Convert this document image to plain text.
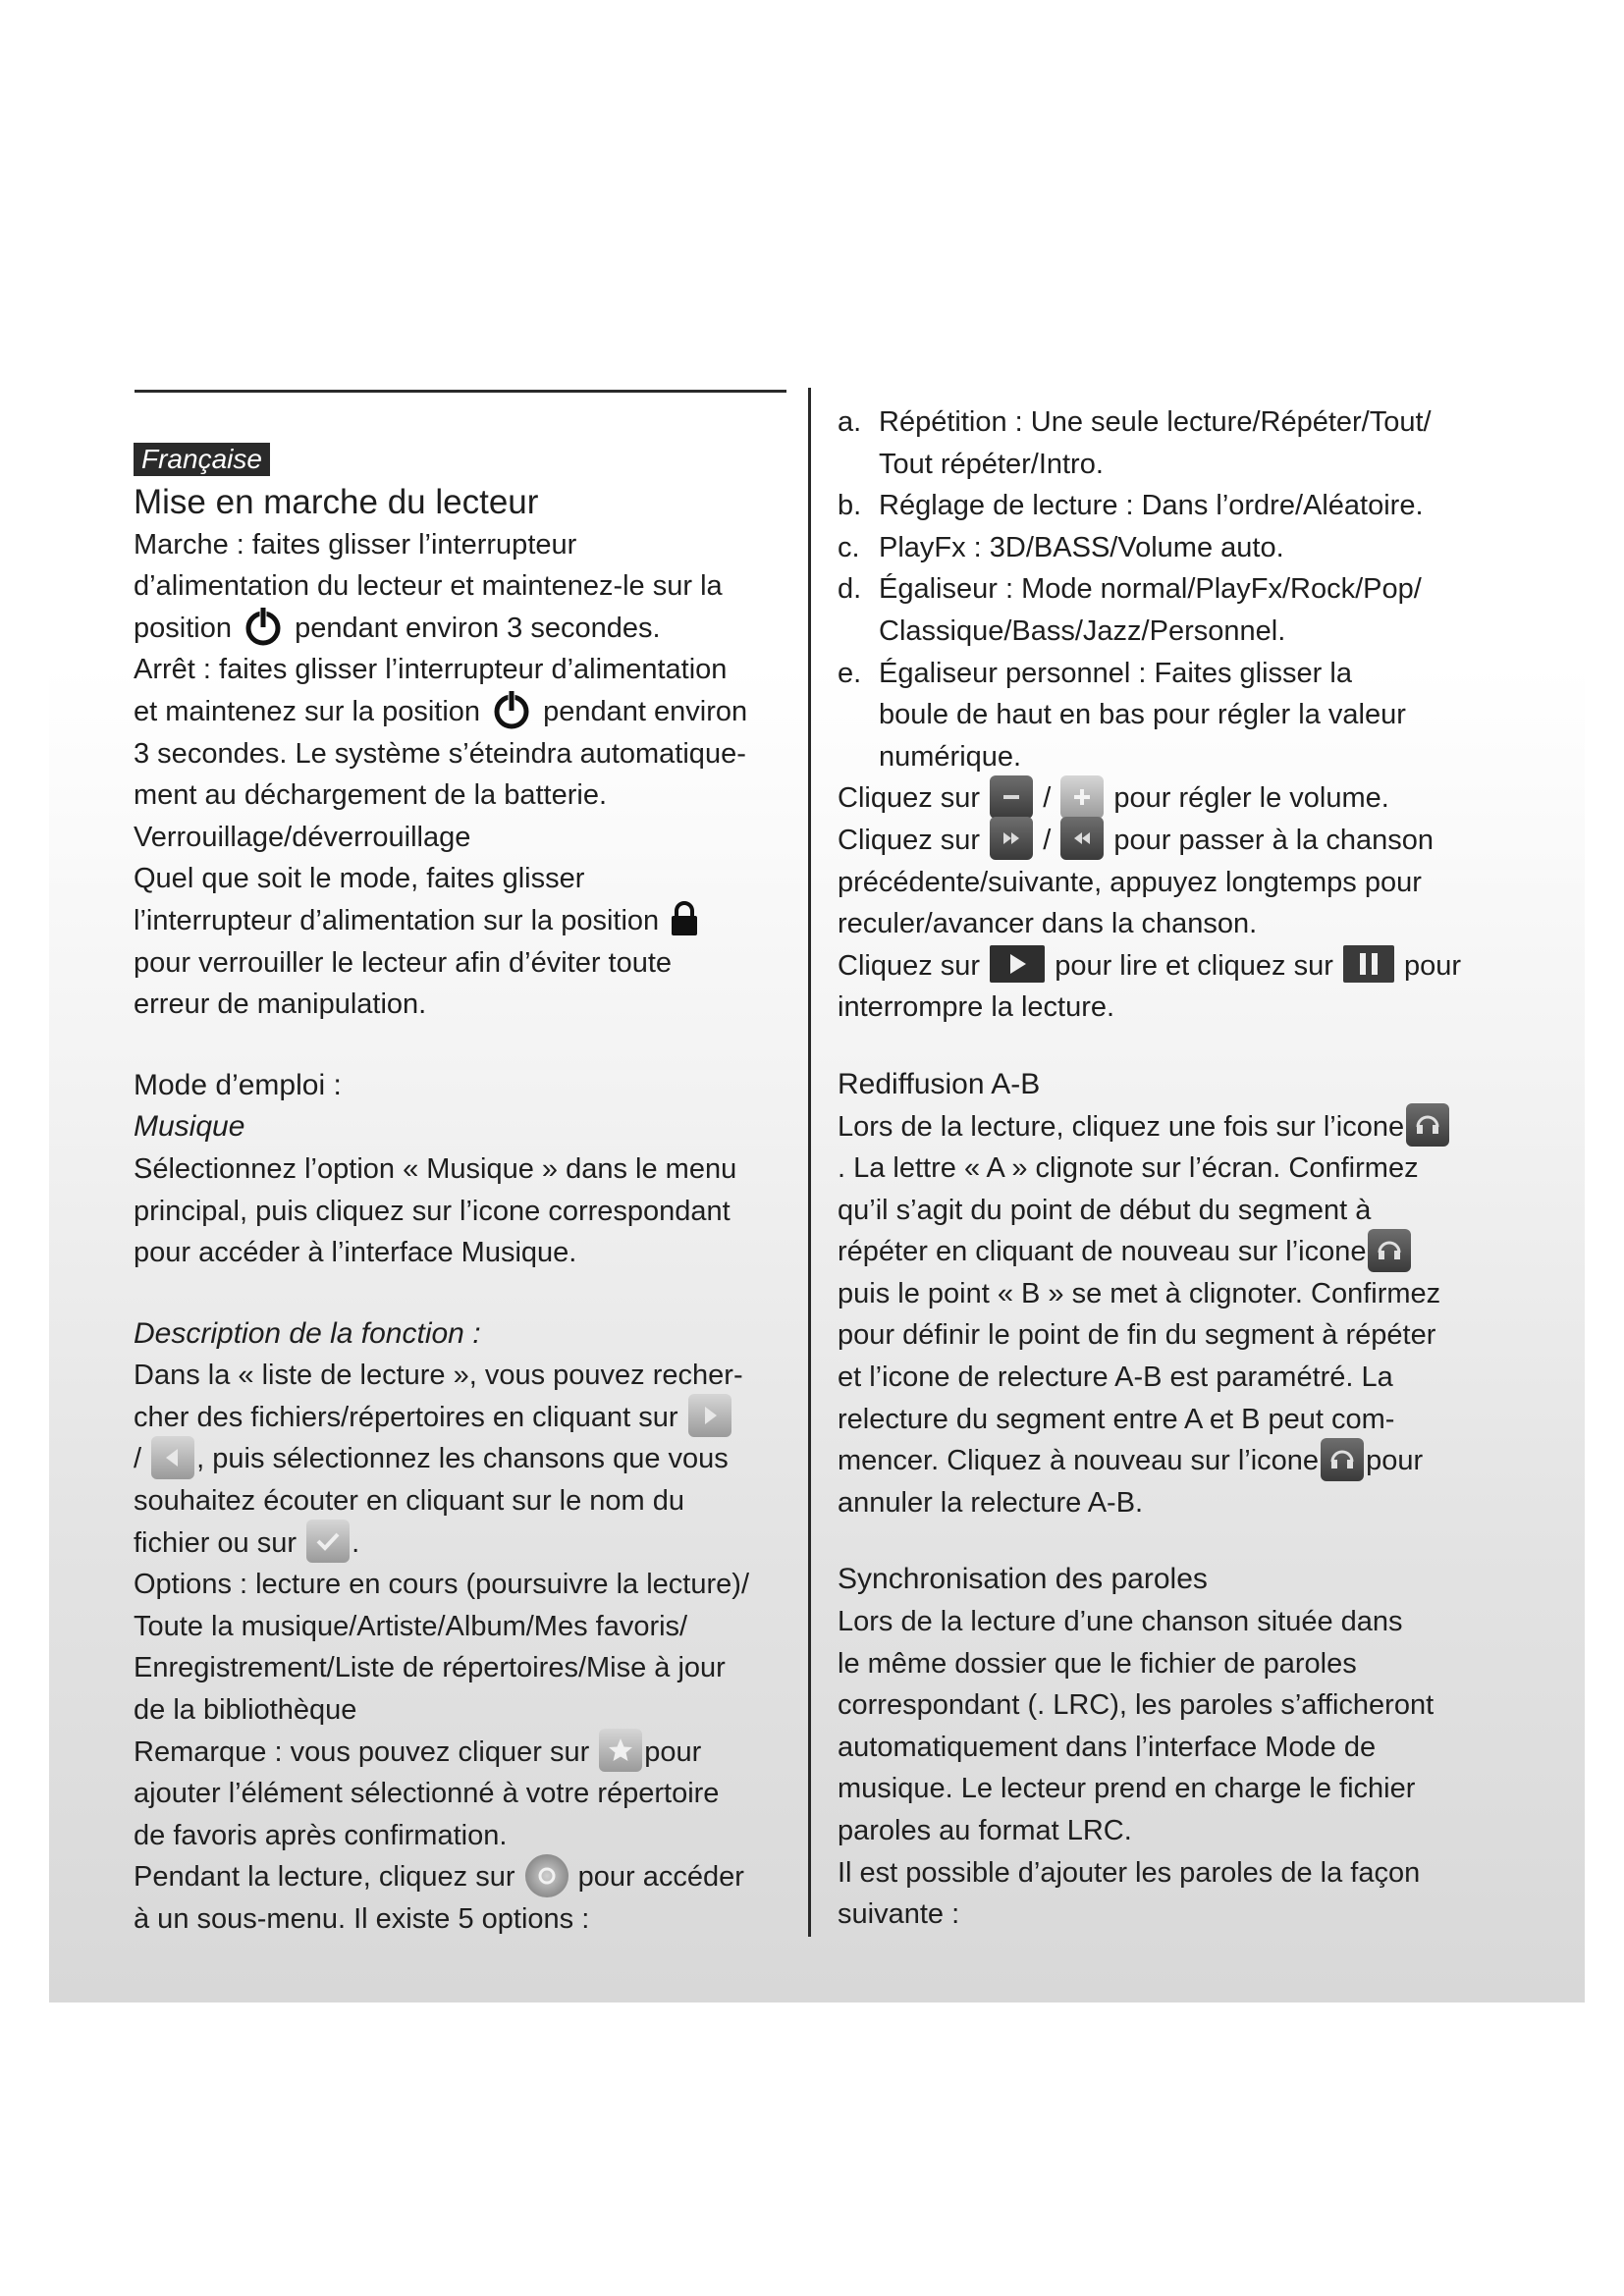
Française

Mise en marche du lecteur

Marche : faites glisser l’interrupteur

d’alimentation du lecteur et maintenez-le sur la

position pendant environ 3 secondes.

Arrêt : faites glisser l’interrupteur d’alimentation

et maintenez sur la position pendant environ

3 secondes. Le système s’éteindra automatique-

ment au déchargement de la batterie.

Verrouillage/déverrouillage

Quel que soit le mode, faites glisser

l’interrupteur d’alimentation sur la position

pour verrouiller le lecteur afin d’éviter toute

erreur de manipulation.

Mode d’emploi :

Musique

Sélectionnez l’option « Musique » dans le menu

principal, puis cliquez sur l’icone correspondant

pour accéder à l’interface Musique.

Description de la fonction :

Dans la « liste de lecture », vous pouvez recher-

cher des fichiers/répertoires en cliquant sur

/ , puis sélectionnez les chansons que vous

souhaitez écouter en cliquant sur le nom du

fichier ou sur .

Options : lecture en cours (poursuivre la lecture)/

Toute la musique/Artiste/Album/Mes favoris/

Enregistrement/Liste de répertoires/Mise à jour

de la bibliothèque

Remarque : vous pouvez cliquer sur pour

ajouter l’élément sélectionné à votre répertoire

de favoris après confirmation.

Pendant la lecture, cliquez sur pour accéder

à un sous-menu. Il existe 5 options :

a. Répétition : Une seule lecture/Répéter/Tout/

Tout répéter/Intro.

b. Réglage de lecture : Dans l’ordre/Aléatoire.

c. PlayFx : 3D/BASS/Volume auto.

d. Égaliseur : Mode normal/PlayFx/Rock/Pop/

Classique/Bass/Jazz/Personnel.

e. Égaliseur personnel : Faites glisser la

boule de haut en bas pour régler la valeur

numérique.

Cliquez sur / pour régler le volume.

Cliquez sur / pour passer à la chanson

précédente/suivante, appuyez longtemps pour

reculer/avancer dans la chanson.

Cliquez sur	pour lire et cliquez sur pour

interrompre la lecture.

Rediffusion A-B

Lors de la lecture, cliquez une fois sur l’icone

. La lettre « A » clignote sur l’écran. Confirmez

qu’il s’agit du point de début du segment à

répéter en cliquant de nouveau sur l’icone

puis le point « B » se met à clignoter. Confirmez

pour définir le point de fin du segment à répéter

et l’icone de relecture A-B est paramétré. La

relecture du segment entre A et B peut com-

mencer. Cliquez à nouveau sur l’icone pour

annuler la relecture A-B.

Synchronisation des paroles

Lors de la lecture d’une chanson située dans

le même dossier que le fichier de paroles

correspondant (. LRC), les paroles s’afficheront

automatiquement dans l’interface Mode de

musique. Le lecteur prend en charge le fichier

paroles au format LRC.

Il est possible d’ajouter les paroles de la façon

suivante :
